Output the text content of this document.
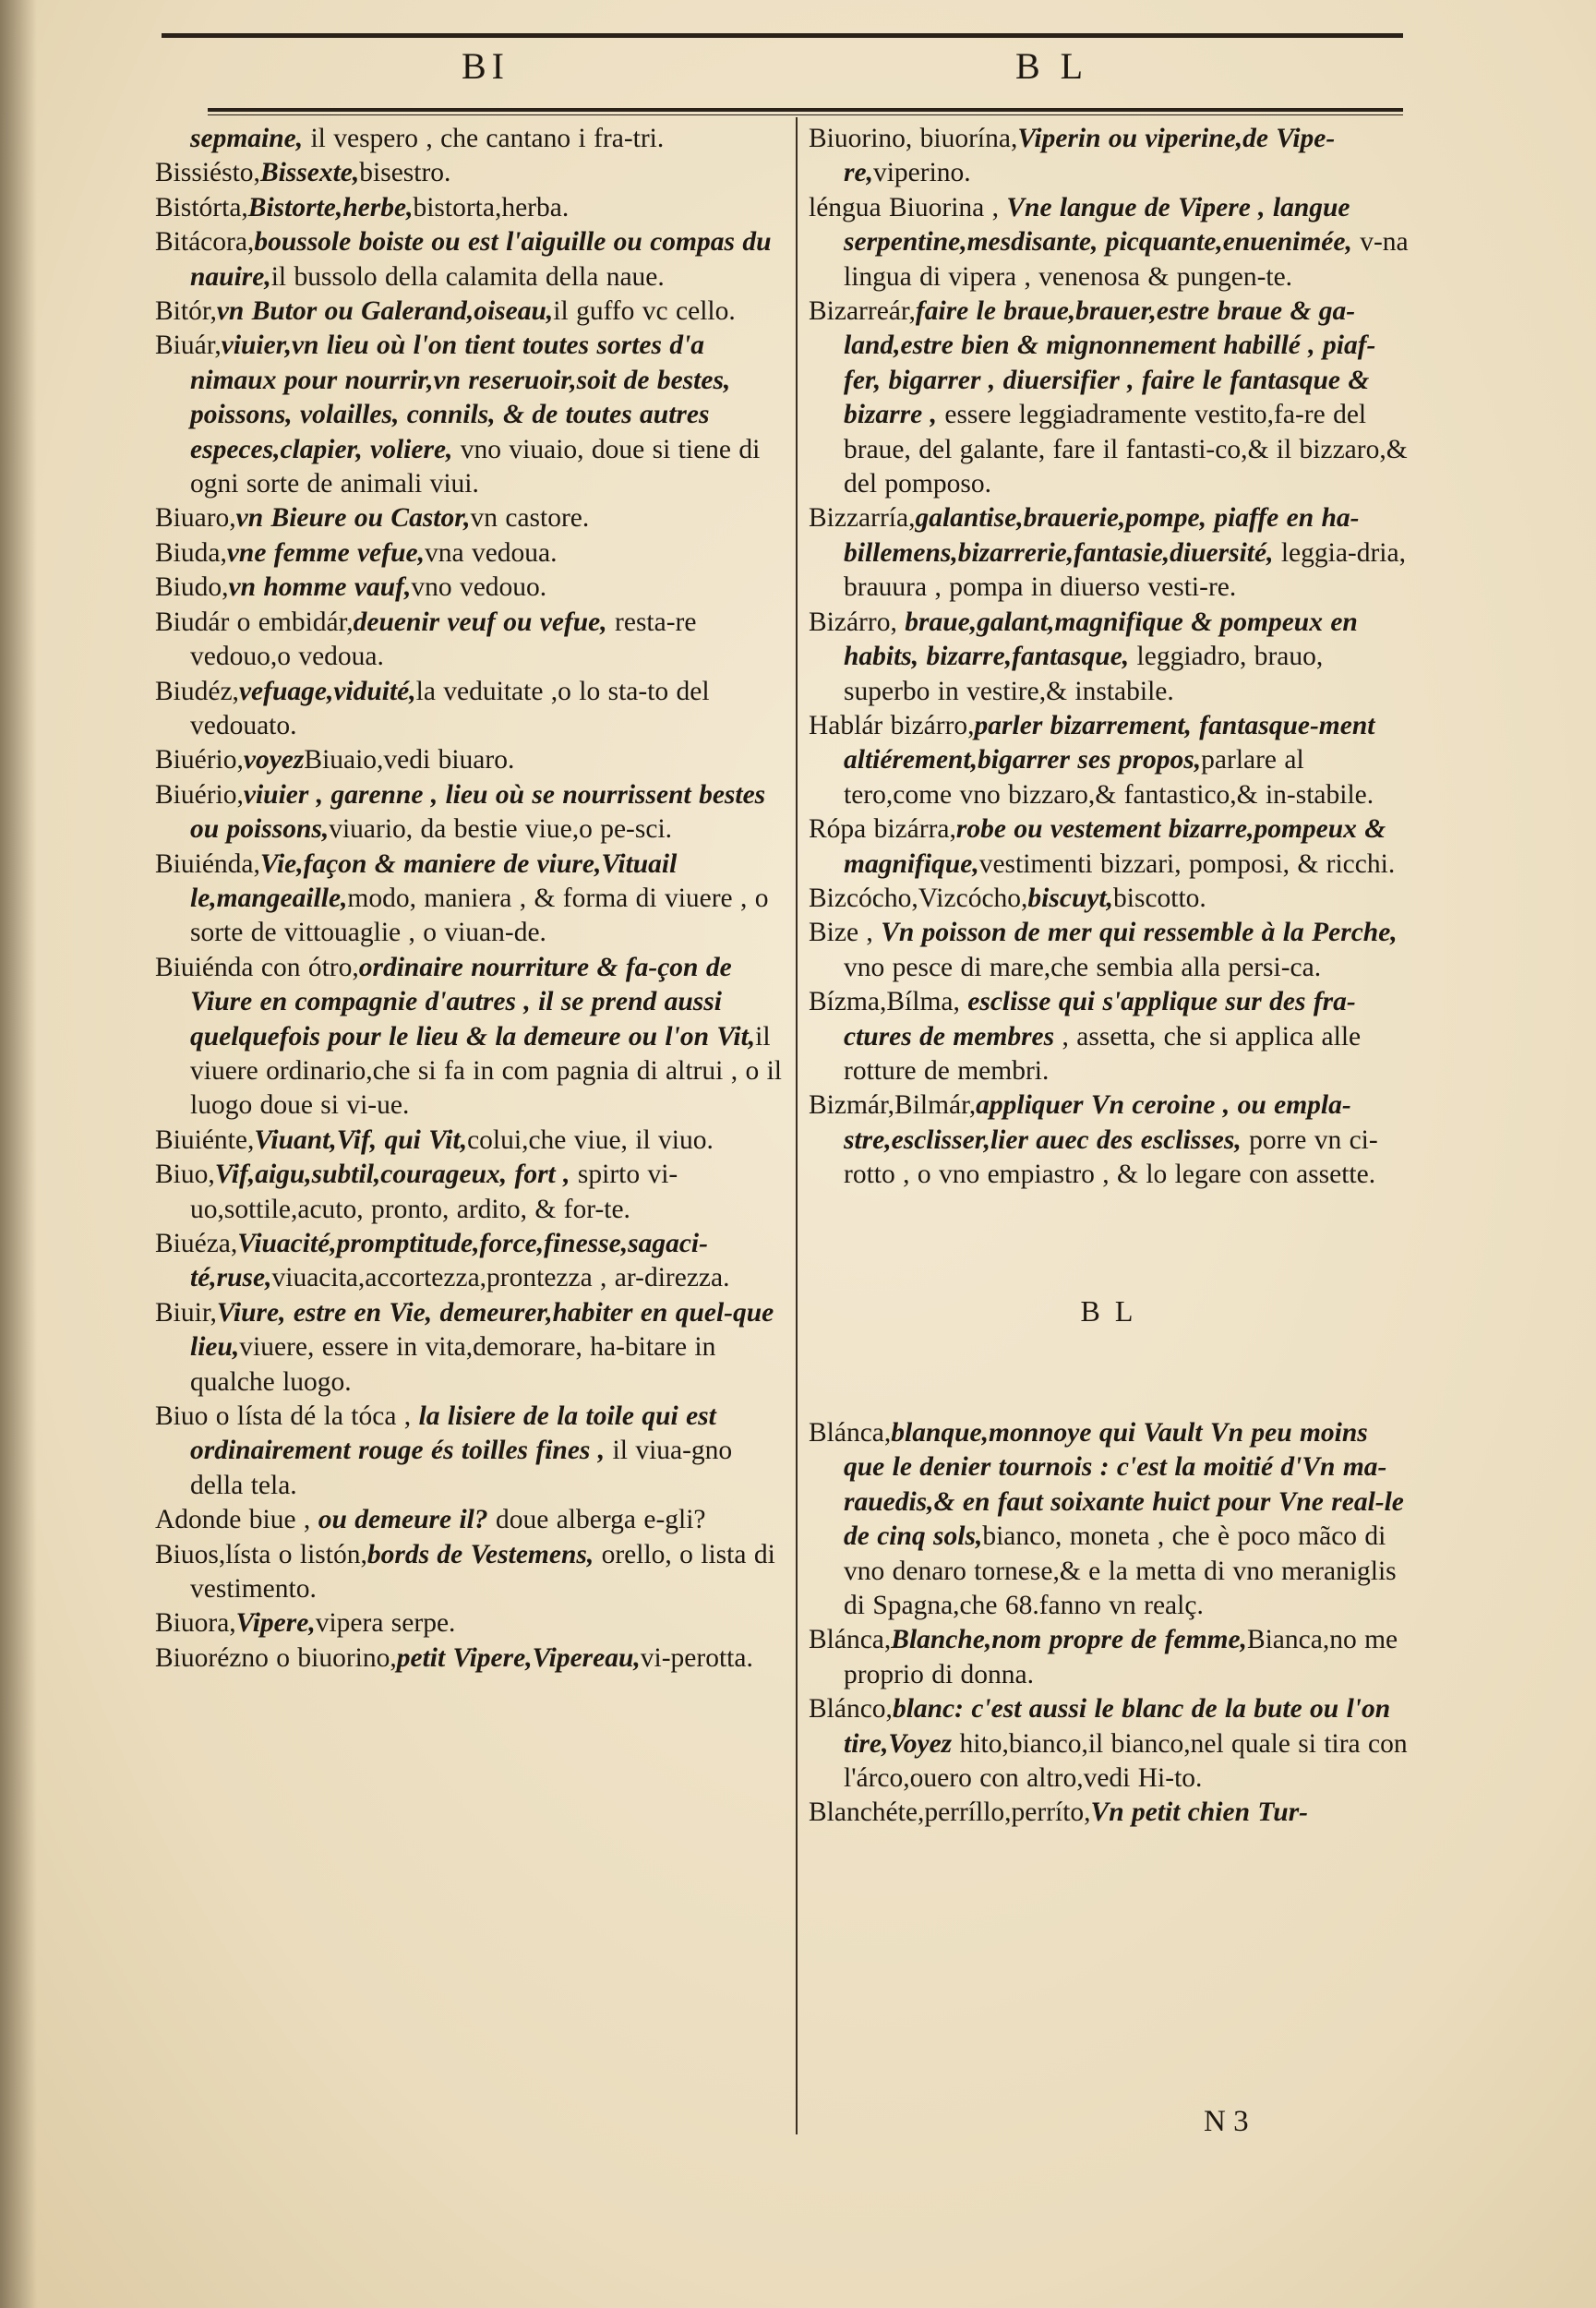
BI	B L

sepmaine, il vespero , che cantano i fra-tri.

Bissiésto,Bissexte,bisestro.

Bistórta,Bistorte,herbe,bistorta,herba.

Bitácora,boussole boiste ou est l'aiguille ou compas du nauire,il bussolo della calamita della naue.

Bitór,vn Butor ou Galerand,oiseau,il guffo vc cello.

Biuár,viuier,vn lieu où l'on tient toutes sortes d'a nimaux pour nourrir,vn reseruoir,soit de bestes, poissons, volailles, connils, & de toutes autres especes,clapier, voliere, vno viuaio, doue si tiene di ogni sorte de animali viui.

Biuaro,vn Bieure ou Castor,vn castore.

Biuda,vne femme vefue,vna vedoua.

Biudo,vn homme vauf,vno vedouo.

Biudár o embidár,deuenir veuf ou vefue, resta-re vedouo,o vedoua.

Biudéz,vefuage,viduité,la veduitate ,o lo sta-to del vedouato.

Biuério,voyezBiuaio,vedi biuaro.

Biuério,viuier , garenne , lieu où se nourrissent bestes ou poissons,viuario, da bestie viue,o pe-sci.

Biuiénda,Vie,façon & maniere de viure,Vituail le,mangeaille,modo, maniera , & forma di viuere , o sorte de vittouaglie , o viuan-de.

Biuiénda con ótro,ordinaire nourriture & fa-çon de Viure en compagnie d'autres , il se prend aussi quelquefois pour le lieu & la demeure ou l'on Vit,il viuere ordinario,che si fa in com pagnia di altrui , o il luogo doue si vi-ue.

Biuiénte,Viuant,Vif, qui Vit,colui,che viue, il viuo.

Biuo,Vif,aigu,subtil,courageux, fort , spirto vi-uo,sottile,acuto, pronto, ardito, & for-te.

Biuéza,Viuacité,promptitude,force,finesse,sagaci-té,ruse,viuacita,accortezza,prontezza , ar-direzza.

Biuir,Viure, estre en Vie, demeurer,habiter en quel-que lieu,viuere, essere in vita,demorare, ha-bitare in qualche luogo.

Biuo o lísta dé la tóca , la lisiere de la toile qui est ordinairement rouge és toilles fines , il viua-gno della tela.

Adonde biue , ou demeure il? doue alberga e-gli?

Biuos,lísta o listón,bords de Vestemens, orello, o lista di vestimento.

Biuora,Vipere,vipera serpe.

Biuorézno o biuorino,petit Vipere,Vipereau,vi-perotta.

Biuorino, biuorína,Viperin ou viperine,de Vipe-re,viperino.

léngua Biuorina , Vne langue de Vipere , langue serpentine,mesdisante, picquante,enuenimée, v-na lingua di vipera , venenosa & pungen-te.

Bizarreár,faire le braue,brauer,estre braue & ga-land,estre bien & mignonnement habillé , piaf-fer, bigarrer , diuersifier , faire le fantasque & bizarre , essere leggiadramente vestito,fa-re del braue, del galante, fare il fantasti-co,& il bizzaro,& del pomposo.

Bizzarría,galantise,brauerie,pompe, piaffe en ha-billemens,bizarrerie,fantasie,diuersité, leggia-dria, brauura , pompa in diuerso vesti-re.

Bizárro, braue,galant,magnifique & pompeux en habits, bizarre,fantasque, leggiadro, brauo, superbo in vestire,& instabile.

Hablár bizárro,parler bizarrement, fantasque-ment altiérement,bigarrer ses propos,parlare al tero,come vno bizzaro,& fantastico,& in-stabile.

Rópa bizárra,robe ou vestement bizarre,pompeux & magnifique,vestimenti bizzari, pomposi, & ricchi.

Bizcócho,Vizcócho,biscuyt,biscotto.

Bize , Vn poisson de mer qui ressemble à la Perche, vno pesce di mare,che sembia alla persi-ca.

Bízma,Bílma, esclisse qui s'applique sur des fra-ctures de membres , assetta, che si applica alle rotture de membri.

Bizmár,Bilmár,appliquer Vn ceroine , ou empla-stre,esclisser,lier auec des esclisses, porre vn ci-rotto , o vno empiastro , & lo legare con assette.

B L

Blánca,blanque,monnoye qui Vault Vn peu moins que le denier tournois : c'est la moitié d'Vn ma-rauedis,& en faut soixante huict pour Vne real-le de cinq sols,bianco, moneta , che è poco mãco di vno denaro tornese,& e la metta di vno meraniglis di Spagna,che 68.fanno vn realç.

Blánca,Blanche,nom propre de femme,Bianca,no me proprio di donna.

Blánco,blanc: c'est aussi le blanc de la bute ou l'on tire,Voyez hito,bianco,il bianco,nel quale si tira con l'árco,ouero con altro,vedi Hi-to.

Blanchéte,perríllo,perríto,Vn petit chien Tur-

N 3
